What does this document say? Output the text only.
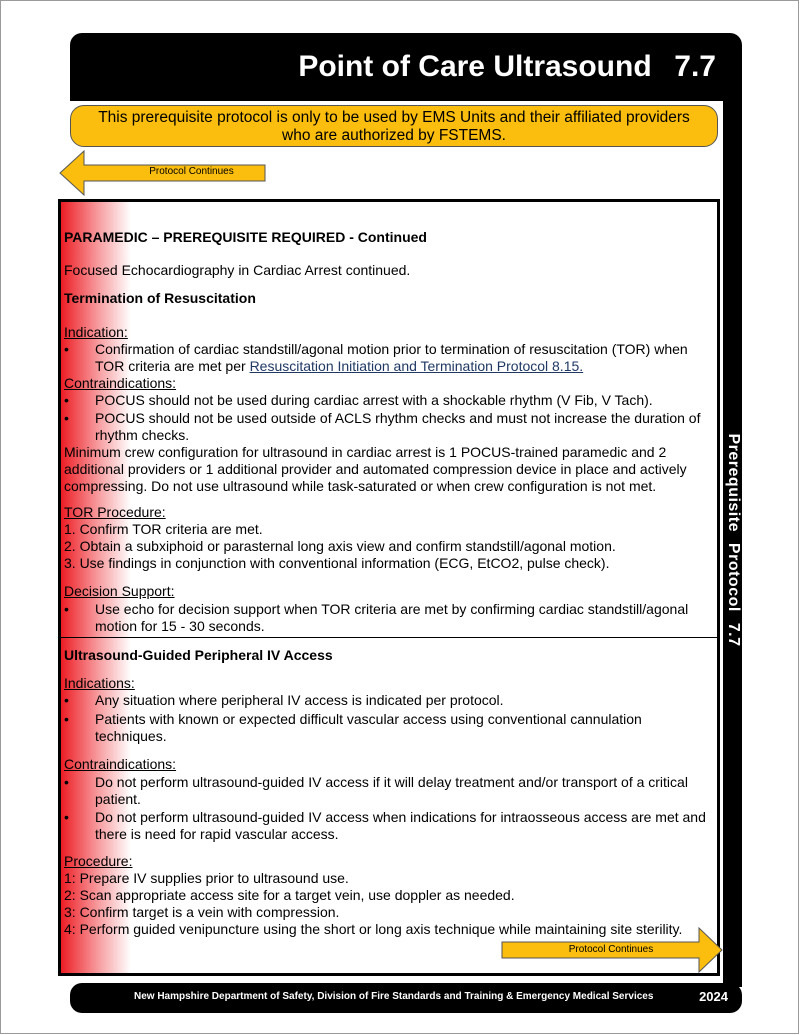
Point of Care Ultrasound 7.7
Prerequisite Protocol 7.7
This prerequisite protocol is only to be used by EMS Units and their affiliated providers
who are authorized by FSTEMS.
Protocol Continues
PARAMEDIC – PREREQUISITE REQUIRED - Continued
Focused Echocardiography in Cardiac Arrest continued.
Termination of Resuscitation
Indication:
• Confirmation of cardiac standstill/agonal motion prior to termination of resuscitation (TOR) when
TOR criteria are met per Resuscitation Initiation and Termination Protocol 8.15.
Contraindications:
• POCUS should not be used during cardiac arrest with a shockable rhythm (V Fib, V Tach).
• POCUS should not be used outside of ACLS rhythm checks and must not increase the duration of
rhythm checks.
Minimum crew configuration for ultrasound in cardiac arrest is 1 POCUS-trained paramedic and 2
additional providers or 1 additional provider and automated compression device in place and actively
compressing. Do not use ultrasound while task-saturated or when crew configuration is not met.
TOR Procedure:
1. Confirm TOR criteria are met.
2. Obtain a subxiphoid or parasternal long axis view and confirm standstill/agonal motion.
3. Use findings in conjunction with conventional information (ECG, EtCO2, pulse check).
Decision Support:
• Use echo for decision support when TOR criteria are met by confirming cardiac standstill/agonal
motion for 15 - 30 seconds.
Ultrasound-Guided Peripheral IV Access
Indications:
• Any situation where peripheral IV access is indicated per protocol.
• Patients with known or expected difficult vascular access using conventional cannulation
techniques.
Contraindications:
• Do not perform ultrasound-guided IV access if it will delay treatment and/or transport of a critical
patient.
• Do not perform ultrasound-guided IV access when indications for intraosseous access are met and
there is need for rapid vascular access.
Procedure:
1: Prepare IV supplies prior to ultrasound use.
2: Scan appropriate access site for a target vein, use doppler as needed.
3: Confirm target is a vein with compression.
4: Perform guided venipuncture using the short or long axis technique while maintaining site sterility.
Protocol Continues
New Hampshire Department of Safety, Division of Fire Standards and Training & Emergency Medical Services	2024
